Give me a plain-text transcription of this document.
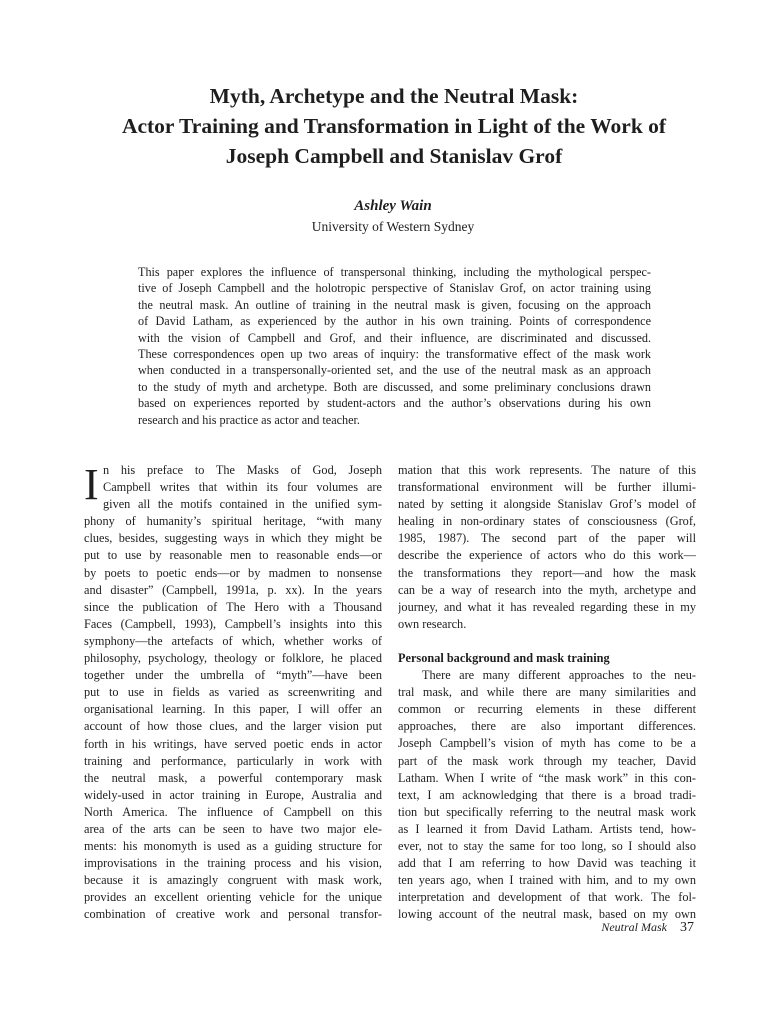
Myth, Archetype and the Neutral Mask:
Actor Training and Transformation in Light of the Work of
Joseph Campbell and Stanislav Grof
Ashley Wain
University of Western Sydney
This paper explores the influence of transpersonal thinking, including the mythological perspec-
tive of Joseph Campbell and the holotropic perspective of Stanislav Grof, on actor training using
the neutral mask. An outline of training in the neutral mask is given, focusing on the approach
of David Latham, as experienced by the author in his own training. Points of correspondence
with the vision of Campbell and Grof, and their influence, are discriminated and discussed.
These correspondences open up two areas of inquiry: the transformative effect of the mask work
when conducted in a transpersonally-oriented set, and the use of the neutral mask as an approach
to the study of myth and archetype. Both are discussed, and some preliminary conclusions drawn
based on experiences reported by student-actors and the author’s observations during his own
research and his practice as actor and teacher.
I n his preface to The Masks of God, Joseph
Campbell writes that within its four volumes are
given all the motifs contained in the unified sym-
phony of humanity’s spiritual heritage, “with many
clues, besides, suggesting ways in which they might be
put to use by reasonable men to reasonable ends—or
by poets to poetic ends—or by madmen to nonsense
and disaster” (Campbell, 1991a, p. xx). In the years
since the publication of The Hero with a Thousand
Faces (Campbell, 1993), Campbell’s insights into this
symphony—the artefacts of which, whether works of
philosophy, psychology, theology or folklore, he placed
together under the umbrella of “myth”—have been
put to use in fields as varied as screenwriting and
organisational learning. In this paper, I will offer an
account of how those clues, and the larger vision put
forth in his writings, have served poetic ends in actor
training and performance, particularly in work with
the neutral mask, a powerful contemporary mask
widely-used in actor training in Europe, Australia and
North America. The influence of Campbell on this
area of the arts can be seen to have two major ele-
ments: his monomyth is used as a guiding structure for
improvisations in the training process and his vision,
because it is amazingly congruent with mask work,
provides an excellent orienting vehicle for the unique
combination of creative work and personal transfor-
mation that this work represents. The nature of this
transformational environment will be further illumi-
nated by setting it alongside Stanislav Grof’s model of
healing in non-ordinary states of consciousness (Grof,
1985, 1987). The second part of the paper will
describe the experience of actors who do this work—
the transformations they report—and how the mask
can be a way of research into the myth, archetype and
journey, and what it has revealed regarding these in my
own research.
Personal background and mask training
There are many different approaches to the neu-
tral mask, and while there are many similarities and
common or recurring elements in these different
approaches, there are also important differences.
Joseph Campbell’s vision of myth has come to be a
part of the mask work through my teacher, David
Latham. When I write of “the mask work” in this con-
text, I am acknowledging that there is a broad tradi-
tion but specifically referring to the neutral mask work
as I learned it from David Latham. Artists tend, how-
ever, not to stay the same for too long, so I should also
add that I am referring to how David was teaching it
ten years ago, when I trained with him, and to my own
interpretation and development of that work. The fol-
lowing account of the neutral mask, based on my own
Neutral Mask 37
